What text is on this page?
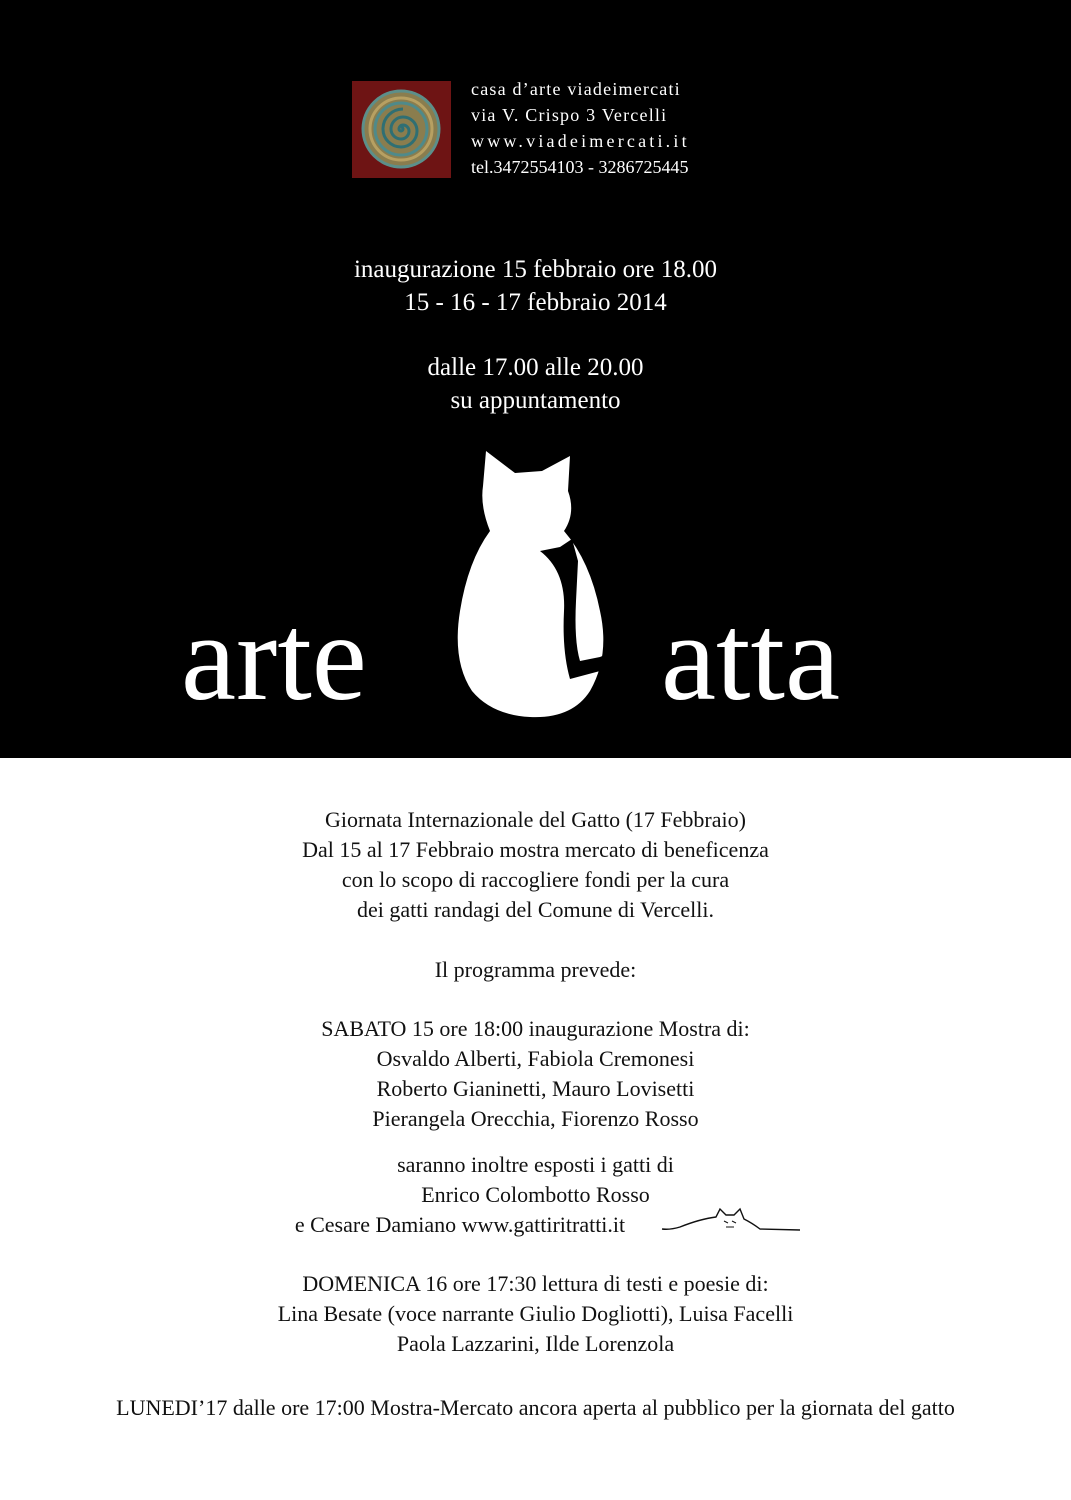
casa d’arte viadeimercati
via V. Crispo 3 Vercelli
www.viadeimercati.it
tel.3472554103 - 3286725445
inaugurazione 15 febbraio ore 18.00
15 - 16 - 17 febbraio 2014
dalle 17.00 alle 20.00
su appuntamento
arte atta
Giornata Internazionale del Gatto (17 Febbraio)
Dal 15 al 17 Febbraio mostra mercato di beneficenza
con lo scopo di raccogliere fondi per la cura
dei gatti randagi del Comune di Vercelli.
Il programma prevede:
SABATO 15 ore 18:00 inaugurazione Mostra di:
Osvaldo Alberti, Fabiola Cremonesi
Roberto Gianinetti, Mauro Lovisetti
Pierangela Orecchia, Fiorenzo Rosso
saranno inoltre esposti i gatti di
Enrico Colombotto Rosso
e Cesare Damiano www.gattiritratti.it
DOMENICA 16 ore 17:30 lettura di testi e poesie di:
Lina Besate (voce narrante Giulio Dogliotti), Luisa Facelli
Paola Lazzarini, Ilde Lorenzola
LUNEDI’17 dalle ore 17:00 Mostra-Mercato ancora aperta al pubblico per la giornata del gatto
